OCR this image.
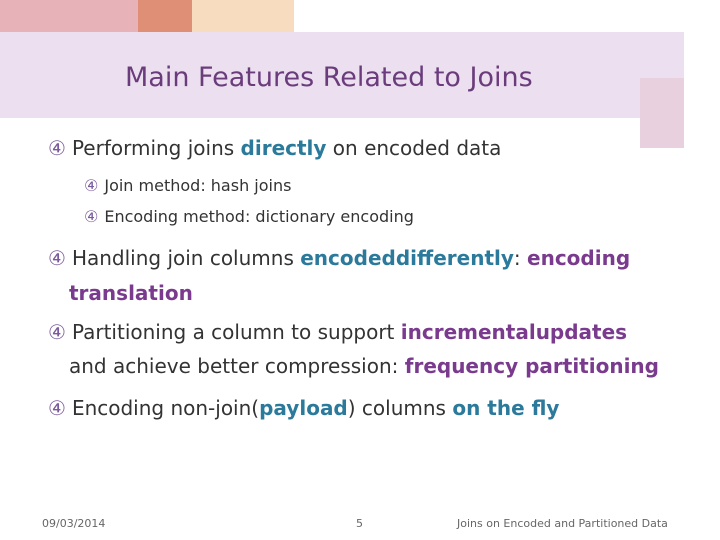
Main Features Related to Joins
④ Performing joins directly on encoded data
④ Join method: hash joins
④ Encoding method: dictionary encoding
④ Handling join columns encodeddifferently: encoding
translation
④ Partitioning a column to support incrementalupdates
and achieve better compression: frequency partitioning
④ Encoding non-join(payload) columns on the fly
09/03/2014	5	Joins on Encoded and Partitioned Data
